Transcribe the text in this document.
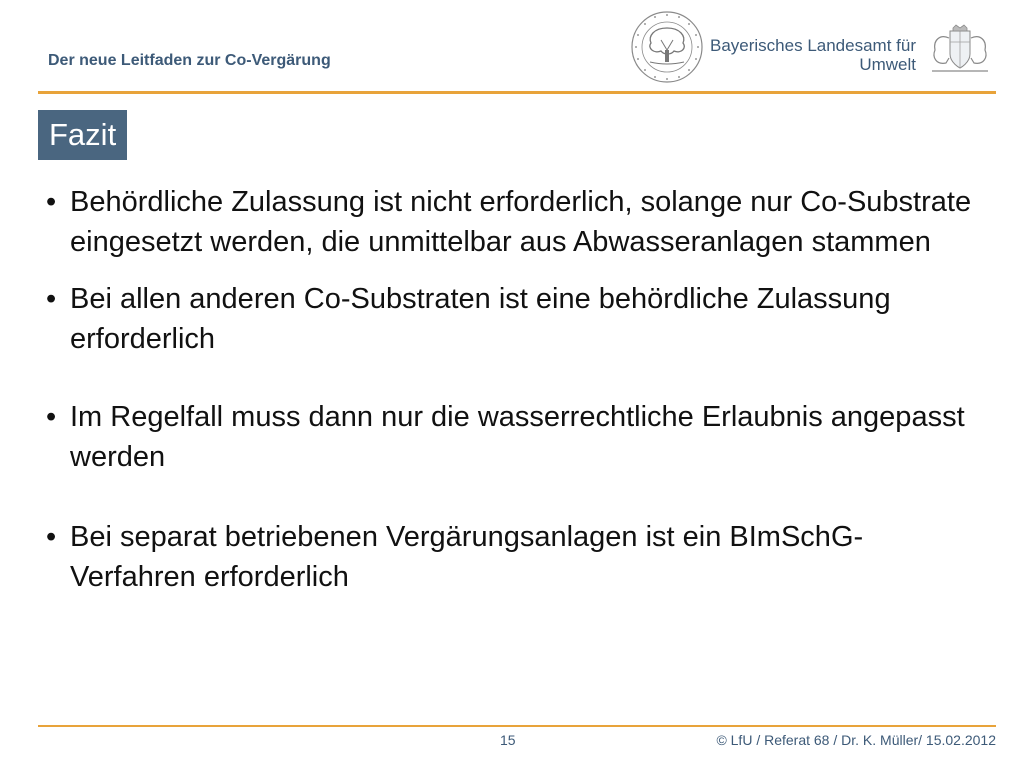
Der neue Leitfaden zur Co-Vergärung
Bayerisches Landesamt für
Umwelt
Fazit
• Behördliche Zulassung ist nicht erforderlich, solange nur Co-Substrate eingesetzt werden, die unmittelbar aus Abwasseranlagen stammen
• Bei allen anderen Co-Substraten ist eine behördliche Zulassung erforderlich
• Im Regelfall muss dann nur die wasserrechtliche Erlaubnis angepasst werden
• Bei separat betriebenen Vergärungsanlagen ist ein BImSchG-Verfahren erforderlich
15	© LfU / Referat 68 / Dr. K. Müller/ 15.02.2012
